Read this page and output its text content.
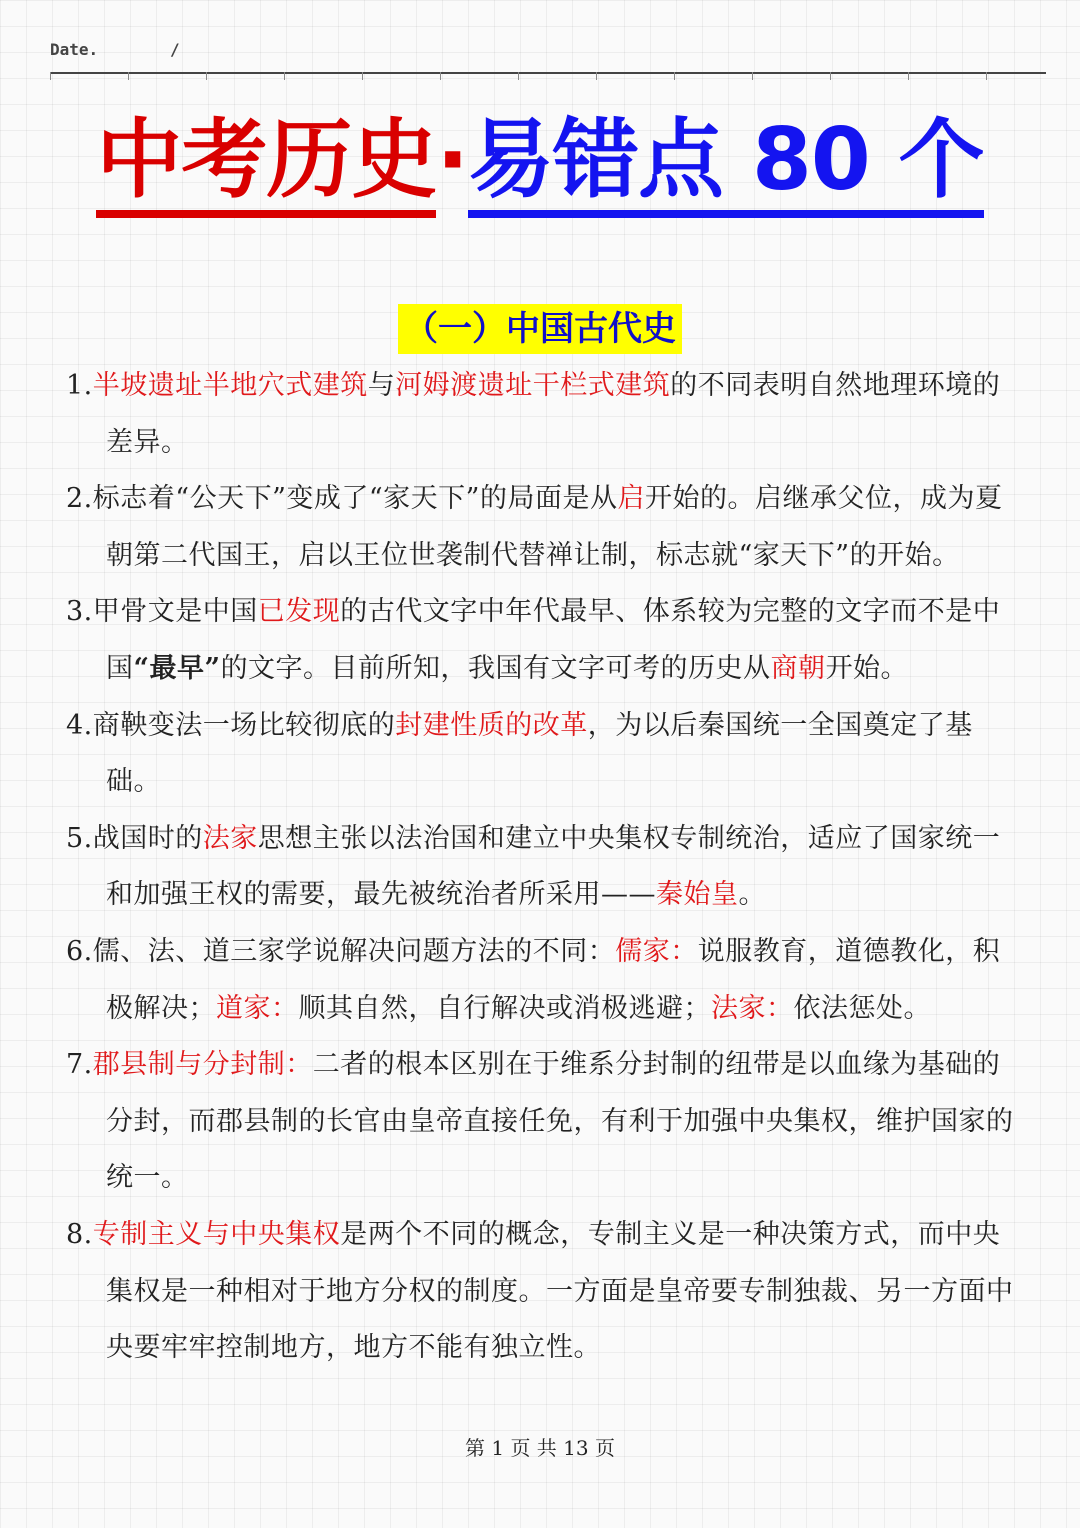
Date.	/
中考历史·易错点 80 个
（一）中国古代史
1.半坡遗址半地穴式建筑与河姆渡遗址干栏式建筑的不同表明自然地理环境的差异。
2.标志着“公天下”变成了“家天下”的局面是从启开始的。启继承父位，成为夏朝第二代国王，启以王位世袭制代替禅让制，标志就“家天下”的开始。
3.甲骨文是中国已发现的古代文字中年代最早、体系较为完整的文字而不是中国“最早”的文字。目前所知，我国有文字可考的历史从商朝开始。
4.商鞅变法一场比较彻底的封建性质的改革，为以后秦国统一全国奠定了基础。
5.战国时的法家思想主张以法治国和建立中央集权专制统治，适应了国家统一和加强王权的需要，最先被统治者所采用——秦始皇。
6.儒、法、道三家学说解决问题方法的不同：儒家：说服教育，道德教化，积极解决；道家：顺其自然，自行解决或消极逃避；法家：依法惩处。
7.郡县制与分封制：二者的根本区别在于维系分封制的纽带是以血缘为基础的分封，而郡县制的长官由皇帝直接任免，有利于加强中央集权，维护国家的统一。
8.专制主义与中央集权是两个不同的概念，专制主义是一种决策方式，而中央集权是一种相对于地方分权的制度。一方面是皇帝要专制独裁、另一方面中央要牢牢控制地方，地方不能有独立性。
第 1 页 共 13 页
